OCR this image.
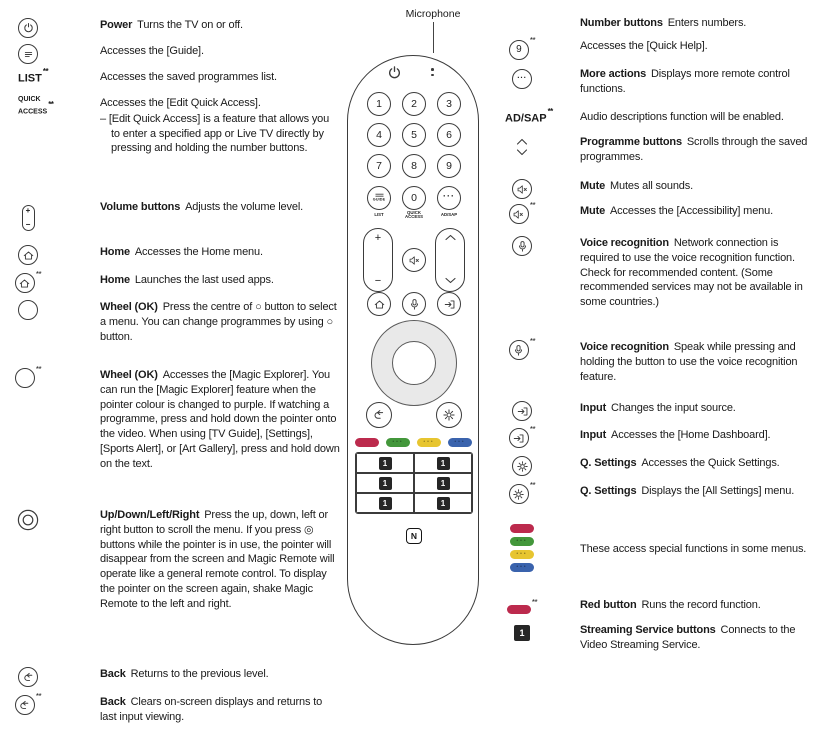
Power Turns the TV on or off.

Accesses the [Guide].

LIST**	Accesses the saved programmes list.

QUICK ACCESS**	Accesses the [Edit Quick Access].

– [Edit Quick Access] is a feature that allows you to enter a specified app or Live TV directly by pressing and holding the number buttons.

+
−

Volume buttons Adjusts the volume level.

Home Accesses the Home menu.

**	Home Launches the last used apps.

Wheel (OK) Press the centre of ○ button to select a menu. You can change programmes by using ○ button.

**	Wheel (OK) Accesses the [Magic Explorer]. You can run the [Magic Explorer] feature when the pointer colour is changed to purple. If watching a programme, press and hold down the pointer onto the video. When using [TV Guide], [Settings], [Sports Alert], or [Art Gallery], press and hold down on the text.

Up/Down/Left/Right Press the up, down, left or right button to scroll the menu. If you press ◎ buttons while the pointer is in use, the pointer will disappear from the screen and Magic Remote will operate like a general remote control. To display the pointer on the screen again, shake Magic Remote to the left and right.

Back Returns to the previous level.

**	Back Clears on-screen displays and returns to last input viewing.

Number buttons Enters numbers.

9
**	Accesses the [Quick Help].

···	More actions Displays more remote control functions.

AD/SAP** Audio descriptions function will be enabled.

Programme buttons Scrolls through the saved programmes.

Mute Mutes all sounds.

**	Mute Accesses the [Accessibility] menu.

Voice recognition Network connection is required to use the voice recognition function. Check for recommended content. (Some recommended services may not be available in some countries.)

**	Voice recognition Speak while pressing and holding the button to use the voice recognition feature.

Input Changes the input source.

**	Input Accesses the [Home Dashboard].

Q. Settings Accesses the Quick Settings.

**	Q. Settings Displays the [All Settings] menu.

•••
•••
•••

These access special functions in some menus.

**	Red button Runs the record function.

1	Streaming Service buttons Connects to the Video Streaming Service.

1	2	3
4	5	6
7	8	9
GUIDE	0	···
LIST	QUICK ACCESS
AD/SAP
+
−
•••	•••	•••
1	1
1	1
1	1
N
Microphone
